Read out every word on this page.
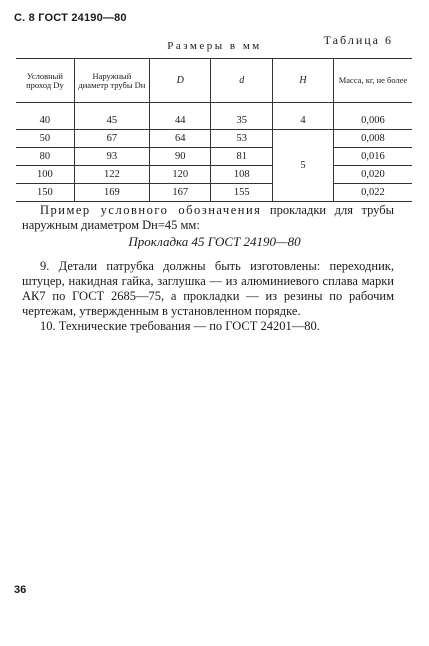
С. 8 ГОСТ 24190—80
Размеры в мм	Таблица 6
Условный проход Dу	Наружный диаметр трубы Dн	D	d	H	Масса, кг, не более
40	45	44	35	4	0,006
50	67	64	53	5	0,008
80	93	90	81		0,016
100	122	120	108		0,020
150	169	167	155		0,022
Пример условного обозначения прокладки для трубы наружным диаметром Dн=45 мм:
Прокладка 45 ГОСТ 24190—80
9. Детали патрубка должны быть изготовлены: переходник, штуцер, накидная гайка, заглушка — из алюминиевого сплава марки АК7 по ГОСТ 2685—75, а прокладки — из резины по рабочим чертежам, утвержденным в установленном порядке.
10. Технические требования — по ГОСТ 24201—80.
36
